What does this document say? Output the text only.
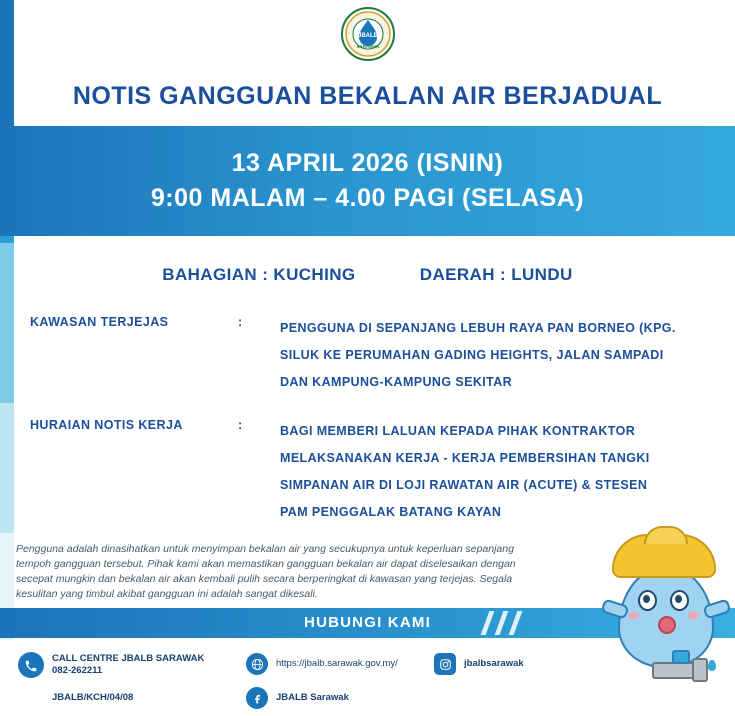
JBALB
SARAWAK
NOTIS GANGGUAN BEKALAN AIR BERJADUAL
13 APRIL 2026 (ISNIN)
9:00 MALAM – 4.00 PAGI (SELASA)
BAHAGIAN : KUCHING	DAERAH : LUNDU
KAWASAN TERJEJAS	:	PENGGUNA DI SEPANJANG LEBUH RAYA PAN BORNEO (KPG.
SILUK KE PERUMAHAN GADING HEIGHTS, JALAN SAMPADI
DAN KAMPUNG-KAMPUNG SEKITAR
HURAIAN NOTIS KERJA	:	BAGI MEMBERI LALUAN KEPADA PIHAK KONTRAKTOR
MELAKSANAKAN KERJA - KERJA PEMBERSIHAN TANGKI
SIMPANAN AIR DI LOJI RAWATAN AIR (ACUTE) & STESEN
PAM PENGGALAK BATANG KAYAN
Pengguna adalah dinasihatkan untuk menyimpan bekalan air yang secukupnya untuk keperluan sepanjang tempoh gangguan tersebut. Pihak kami akan memastikan gangguan bekalan air dapat diselesaikan dengan secepat mungkin dan bekalan air akan kembali pulih secara berperingkat di kawasan yang terjejas. Segala kesulitan yang timbul akibat gangguan ini adalah sangat dikesali.
HUBUNGI KAMI
CALL CENTRE JBALB SARAWAK
082-262211
JBALB/KCH/04/08
https://jbalb.sarawak.gov.my/
JBALB Sarawak
jbalbsarawak
